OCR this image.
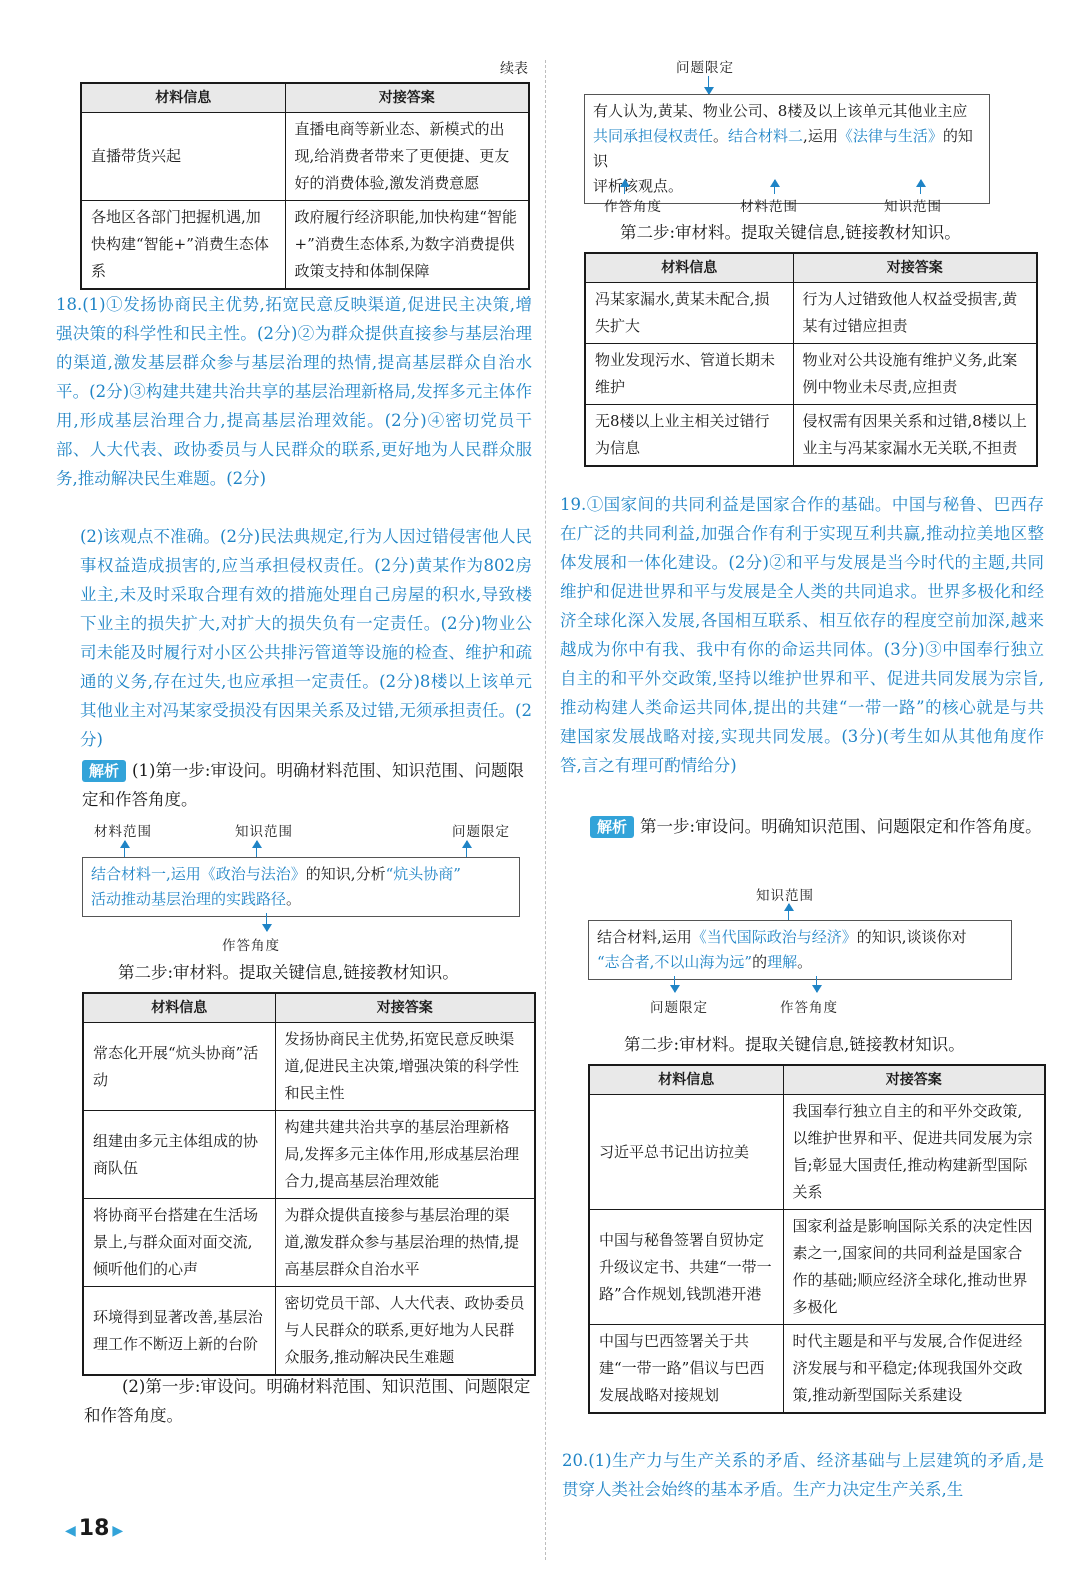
续表
材料信息	对接答案
直播带货兴起	直播电商等新业态、新模式的出现,给消费者带来了更便捷、更友好的消费体验,激发消费意愿
各地区各部门把握机遇,加快构建“智能+”消费生态体系	政府履行经济职能,加快构建“智能+”消费生态体系,为数字消费提供政策支持和体制保障
18.(1)①发扬协商民主优势,拓宽民意反映渠道,促进民主决策,增强决策的科学性和民主性。(2分)②为群众提供直接参与基层治理的渠道,激发基层群众参与基层治理的热情,提高基层群众自治水平。(2分)③构建共建共治共享的基层治理新格局,发挥多元主体作用,形成基层治理合力,提高基层治理效能。(2分)④密切党员干部、人大代表、政协委员与人民群众的联系,更好地为人民群众服务,推动解决民生难题。(2分)
(2)该观点不准确。(2分)民法典规定,行为人因过错侵害他人民事权益造成损害的,应当承担侵权责任。(2分)黄某作为802房业主,未及时采取合理有效的措施处理自己房屋的积水,导致楼下业主的损失扩大,对扩大的损失负有一定责任。(2分)物业公司未能及时履行对小区公共排污管道等设施的检查、维护和疏通的义务,存在过失,也应承担一定责任。(2分)8楼以上该单元其他业主对冯某家受损没有因果关系及过错,无须承担责任。(2分)
解析 (1)第一步:审设问。明确材料范围、知识范围、问题限定和作答角度。
材料范围	知识范围	问题限定
结合材料一,运用《政治与法治》的知识,分析“炕头协商”
活动推动基层治理的实践路径。
作答角度
第二步:审材料。提取关键信息,链接教材知识。
材料信息	对接答案
常态化开展“炕头协商”活动	发扬协商民主优势,拓宽民意反映渠道,促进民主决策,增强决策的科学性和民主性
组建由多元主体组成的协商队伍	构建共建共治共享的基层治理新格局,发挥多元主体作用,形成基层治理合力,提高基层治理效能
将协商平台搭建在生活场景上,与群众面对面交流,倾听他们的心声	为群众提供直接参与基层治理的渠道,激发群众参与基层治理的热情,提高基层群众自治水平
环境得到显著改善,基层治理工作不断迈上新的台阶	密切党员干部、人大代表、政协委员与人民群众的联系,更好地为人民群众服务,推动解决民生难题
(2)第一步:审设问。明确材料范围、知识范围、问题限定和作答角度。
问题限定
有人认为,黄某、物业公司、8楼及以上该单元其他业主应
共同承担侵权责任。结合材料二,运用《法律与生活》的知识
评析该观点。
作答角度	材料范围	知识范围
第二步:审材料。提取关键信息,链接教材知识。
材料信息	对接答案
冯某家漏水,黄某未配合,损失扩大	行为人过错致他人权益受损害,黄某有过错应担责
物业发现污水、管道长期未维护	物业对公共设施有维护义务,此案例中物业未尽责,应担责
无8楼以上业主相关过错行为信息	侵权需有因果关系和过错,8楼以上业主与冯某家漏水无关联,不担责
19.①国家间的共同利益是国家合作的基础。中国与秘鲁、巴西存在广泛的共同利益,加强合作有利于实现互利共赢,推动拉美地区整体发展和一体化建设。(2分)②和平与发展是当今时代的主题,共同维护和促进世界和平与发展是全人类的共同追求。世界多极化和经济全球化深入发展,各国相互联系、相互依存的程度空前加深,越来越成为你中有我、我中有你的命运共同体。(3分)③中国奉行独立自主的和平外交政策,坚持以维护世界和平、促进共同发展为宗旨,推动构建人类命运共同体,提出的共建“一带一路”的核心就是与共建国家发展战略对接,实现共同发展。(3分)(考生如从其他角度作答,言之有理可酌情给分)
解析 第一步:审设问。明确知识范围、问题限定和作答角度。
知识范围
结合材料,运用《当代国际政治与经济》的知识,谈谈你对
“志合者,不以山海为远”的理解。
问题限定	作答角度
第二步:审材料。提取关键信息,链接教材知识。
材料信息	对接答案
习近平总书记出访拉美	我国奉行独立自主的和平外交政策,以维护世界和平、促进共同发展为宗旨;彰显大国责任,推动构建新型国际关系
中国与秘鲁签署自贸协定升级议定书、共建“一带一路”合作规划,钱凯港开港	国家利益是影响国际关系的决定性因素之一,国家间的共同利益是国家合作的基础;顺应经济全球化,推动世界多极化
中国与巴西签署关于共建“一带一路”倡议与巴西发展战略对接规划	时代主题是和平与发展,合作促进经济发展与和平稳定;体现我国外交政策,推动新型国际关系建设
20.(1)生产力与生产关系的矛盾、经济基础与上层建筑的矛盾,是贯穿人类社会始终的基本矛盾。生产力决定生产关系,生
◀ 18 ▶
